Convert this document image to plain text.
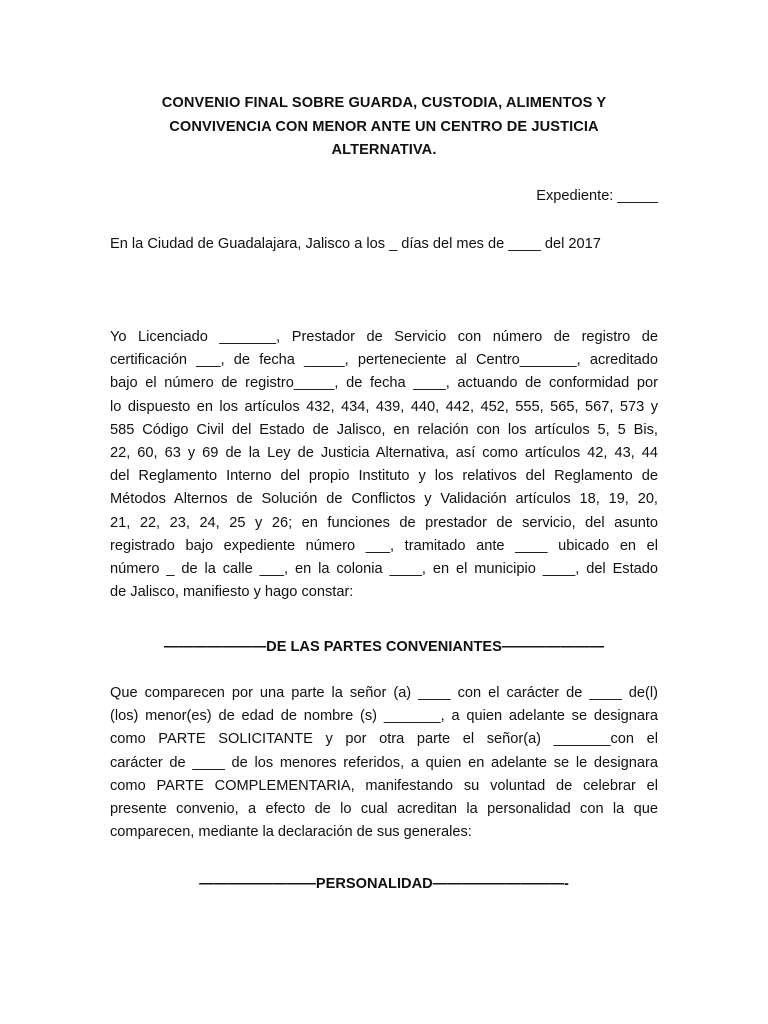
CONVENIO FINAL SOBRE GUARDA, CUSTODIA, ALIMENTOS Y
CONVIVENCIA CON MENOR ANTE UN CENTRO DE JUSTICIA
ALTERNATIVA.
Expediente: _____
En la Ciudad de Guadalajara, Jalisco a los _ días del mes de ____ del 2017
Yo Licenciado _______, Prestador de Servicio con número de registro de
certificación ___, de fecha _____, perteneciente al Centro_______, acreditado
bajo el número de registro_____, de fecha ____, actuando de conformidad por
lo dispuesto en los artículos 432, 434, 439, 440, 442, 452, 555, 565, 567, 573 y
585 Código Civil del Estado de Jalisco, en relación con los artículos 5, 5 Bis,
22, 60, 63 y 69 de la Ley de Justicia Alternativa, así como artículos 42, 43, 44
del Reglamento Interno del propio Instituto y los relativos del Reglamento de
Métodos Alternos de Solución de Conflictos y Validación artículos 18, 19, 20,
21, 22, 23, 24, 25 y 26; en funciones de prestador de servicio, del asunto
registrado bajo expediente número ___, tramitado ante ____ ubicado en el
número _ de la calle ___, en la colonia ____, en el municipio ____, del Estado
de Jalisco, manifiesto y hago constar:
———————DE LAS PARTES CONVENIANTES———————
Que comparecen por una parte la señor (a) ____ con el carácter de ____ de(l)
(los) menor(es) de edad de nombre (s) _______, a quien adelante se designara
como PARTE SOLICITANTE y por otra parte el señor(a) _______con el
carácter de ____ de los menores referidos, a quien en adelante se le designara
como PARTE COMPLEMENTARIA, manifestando su voluntad de celebrar el
presente convenio, a efecto de lo cual acreditan la personalidad con la que
comparecen, mediante la declaración de sus generales:
————————PERSONALIDAD—————————-
